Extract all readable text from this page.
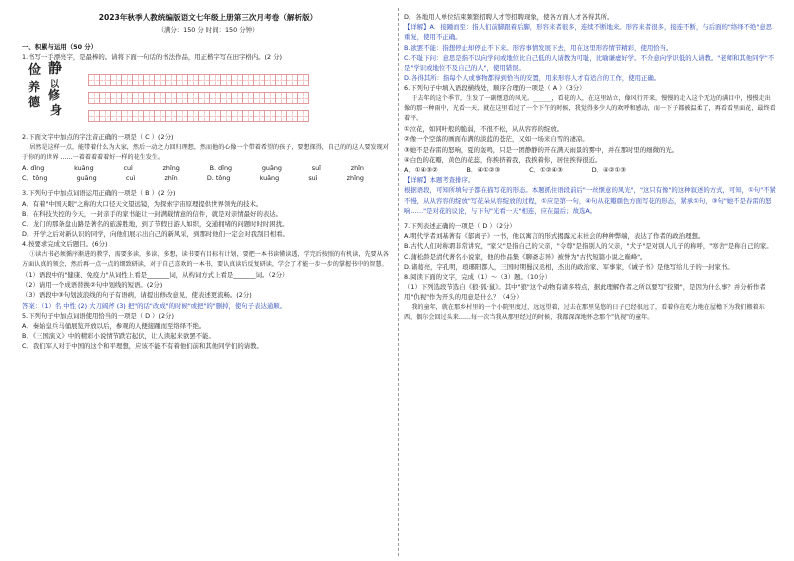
2023年秋季人教统编版语文七年级上册第三次月考卷（解析版）
（满分：150 分 时间：150 分钟）
一、积累与运用（50 分）

1.书写一手漂亮字，是最棒的。请将下面一句话的书法作品，用正楷字写在田字格内。(2 分)

俭
养
德
静
以
修
身

2.下面文字中加点的字注音正确的一项是（ C ）(2分)

居然是这样一点，能带着什么为大家，然后一动之力回归理想，然而他的心像一个带着希望的孩子，要想探得，自己的的这人要发现对于你的的世界 ……一着着着着着好一样的花生发生。

A. dǐng	kuāng	cuì	zhǐng	B. dǐng	guāng	suǐ	zhǐn
C．tǒng	guāng	cuì	zhǐn	D. tǒng	kuāng	suì	zhǐng

3.下列句子中加点词语运用正确的一项是（ B ）(2 分)

A．有着"中国天眼"之称的大口径天文望远镜，为探索宇宙原理提供世界领先的技术。

B．在科技失控的今天，一封亲手的家书能让一封满载情意的信件，就是对亲情最好的表达。

C．龙门的那条盘山路是著名的旅游胜地，到了节假日游人如织，交通拥堵的问题时时时困扰。

D．开学之后对新认识的同学，向他们展示出自己的新风采，到那时他们一定会对我刮目相看。

4.按要求完成文后题目。(6分)

①读古书必须循序渐进的教学，需要多读，多读、多想，读书要有目标有计划，要把一本书读懂读透，学完后按照的有机读，先要从各方面认真的领会，然后再一点一点的细致研读，对于自己喜欢的一本书，要认真读后反复研读，学会了才能一步一步的掌握书中的智慧。

（1）语段中的"健康、免疫力"从词性上看是_______词，从构词方式上看是_______词。（2分）

（2）请用一个成语替换②句中划线的短语。(2分)

（3）语段中③句划波浪线的句子有语病，请提出修改意见，使表述更流畅。(2分)

答案：（1）名 中性 (2) 大刀阔斧 (3) 把"的话"改成"的时候"或把"的"删掉，使句子表达通顺。

5.下列句子中加点词语使用恰当的一项是（ D ）(2分)

A．秦始皇兵马俑展览开放以后，参观的人便接踵而至络绎不绝。

B．《三国演义》中的精彩小说情节跌宕起伏，让人读起来欲罢不能。

C．我们军人对于中国的这个和平理想，应该不能不有着他们前和其他同学们的请教。

D．各地用人单位结束频繁招聘人才等招聘现象，使各方面人才各得其所。

【详解】A．接踵而至：指人们前脚跟着后脚，形容来者很多，连续不断地来。形容来者很多，接连不断，与后面的"络绎不绝"意思重复，使用不正确。

B.欲罢不能：指想停止却停止不下来。形容事情发展下去，用在这里形容情节精彩，使用恰当。

C.不耻下问：意思是指不以向学问或地位比自己低的人请教为可耻，比喻谦虚好学。不介意向学识低的人请教。"老师和其他同学"不是"学识或地位不及自己的人"，使用错误。

D.各得其所：指每个人或事物都得到恰当的安置，用来形容人才有适合的工作，使用正确。

6.下列句子中填入语段横线处，顺序合理的一项是（ A ）（3分）

于去年的这个季节，生发了一副惬意的风光。______，看花的人，在这里站立，像风行开来，慢慢的走入这个无边的满目中，慢慢走出像的那一种雨中，光看一天，就在这里看过了一个下午的时候，我觉得多少人的欢呼和感动，而一下子都被温柔了，再看看里面花，最终看着平。

①泣花，如同叶般的脆弱，不很不松，从从容容的绽放。

②像一个空落的画面布满的淡蓝的苍茫，又如一场来自雪的凄凉。

③她不是春雷的怒响，夏的轰鸣，只是一团静静的开在满天雨景的雾中，并在那时里的细微的光。

④白色的花瓣，黄色的花蕊，你挨挤着我，我挨着你，居住挨得很近。

A．①④③②	B．④①②③	C．①②④③	D．④②①③

【详解】本题考查排序。

根据语段，可知所填句子都在描写花的形态。本题抓住语段前后"一丝惬意的风光"，"这只有像"的这种叙述的方式，可知，①句"不紧不慢，从从容容的绽放"写花朵从容绽放的过程，①应是第一句，④句从花瓣颜色方面写花的形态，紧承①句，③句"她不是春雷的怒响……"是对花的议论，与下句"光看一天"相连，应在最后；故选A。

7.下列表述正确的一项是（ D ）（2分）

A.明代学者刘基著有《郁离子》一书，他以寓言的形式揭露元末社会的种种弊端，表达了作者的政治理想。

B.古代人们对称谓非常讲究，"家父"是指自己的父亲，"令尊"是指别人的父亲，"犬子"是对别人儿子的称呼，"寒舍"是称自己的家。

C.蒲松龄是清代著名小说家，他的作品集《聊斋志异》被誉为"古代短篇小说之巅峰"。

D.诸葛亮，字孔明，琅琊阳都人，三国时期蜀汉丞相，杰出的政治家、军事家，《诫子书》是他写给儿子的一封家书。

8.阅读下面的文字，完成（1）～（3）题。（10分）

（1）下列选段节选自《狼·狐·鼠》。其中"狼"这个动物有诸多特点，据此理解作者之所以要写"狡猾"，是因为什么事？并分析作者用"仇视"作为开头的用意是什么？（4分）

我的童年，就在那乡村里的一个小院里度过，远远望着，过去在那里晃悠的日子已经很远了，看着你在吃力地在屋檐下为我们搬着东西，偶尔会回过头来……每一次当我从那里经过的时候，我都深深地怀念那个"仇视"的童年。
